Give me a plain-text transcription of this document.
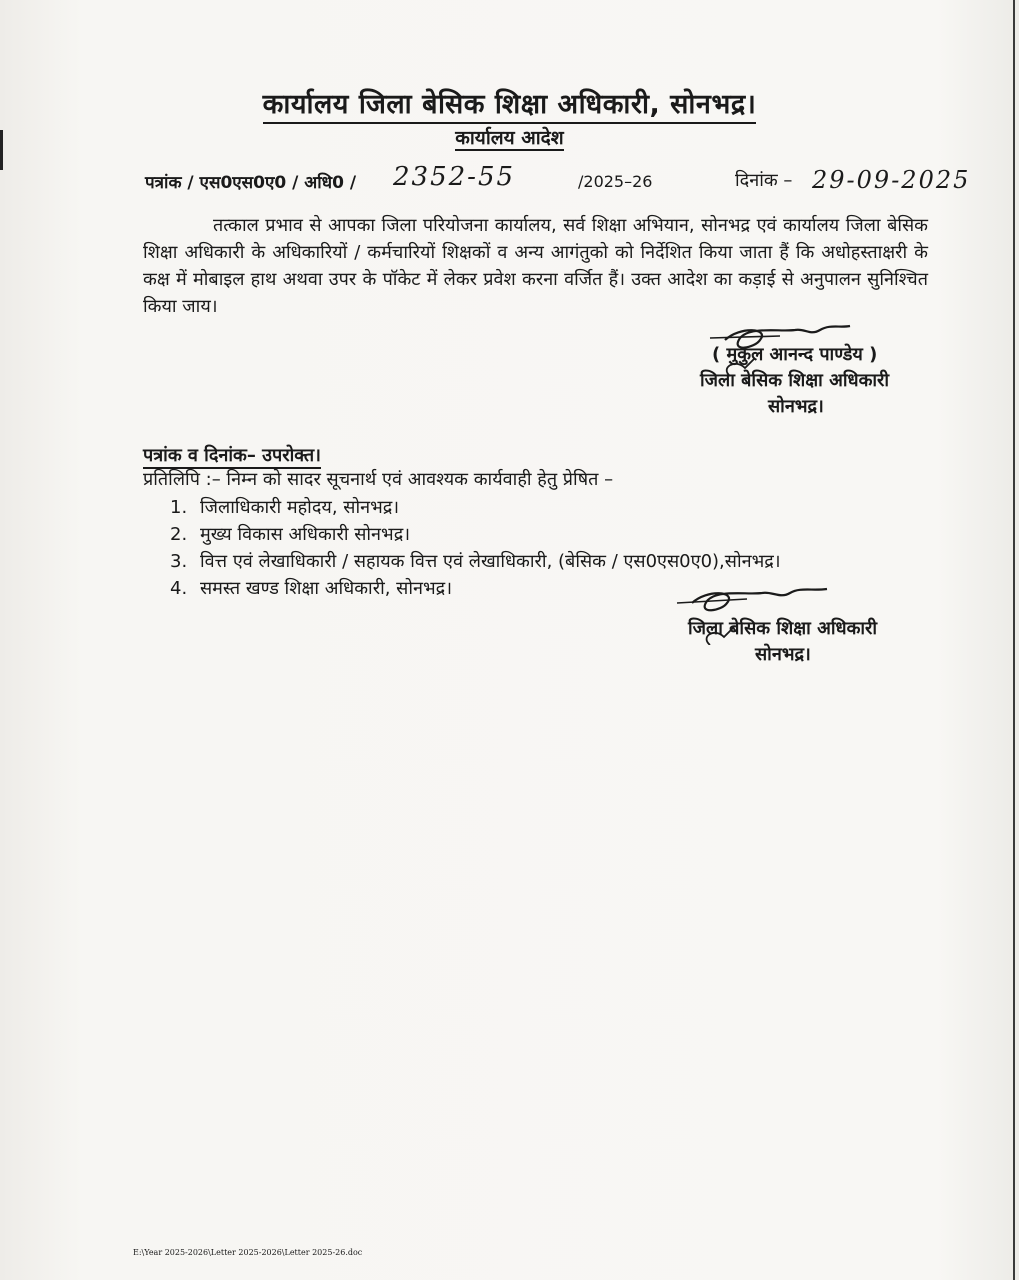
कार्यालय जिला बेसिक शिक्षा अधिकारी, सोनभद्र।
कार्यालय आदेश
पत्रांक / एस0एस0ए0 / अधि0 / 2352-55	/2025–26	दिनांक – 29-09-2025
तत्काल प्रभाव से आपका जिला परियोजना कार्यालय, सर्व शिक्षा अभियान, सोनभद्र एवं कार्यालय जिला बेसिक शिक्षा अधिकारी के अधिकारियों / कर्मचारियों शिक्षकों व अन्य आगंतुको को निर्देशित किया जाता हैं कि अधोहस्ताक्षरी के कक्ष में मोबाइल हाथ अथवा उपर के पॉकेट में लेकर प्रवेश करना वर्जित हैं। उक्त आदेश का कड़ाई से अनुपालन सुनिश्चित किया जाय।
( मुकुल आनन्द पाण्डेय )
जिला बेसिक शिक्षा अधिकारी
सोनभद्र।
पत्रांक व दिनांक– उपरोक्त।
प्रतिलिपि :– निम्न को सादर सूचनार्थ एवं आवश्यक कार्यवाही हेतु प्रेषित –
1. जिलाधिकारी महोदय, सोनभद्र।
2. मुख्य विकास अधिकारी सोनभद्र।
3. वित्त एवं लेखाधिकारी / सहायक वित्त एवं लेखाधिकारी, (बेसिक / एस0एस0ए0),सोनभद्र।
4. समस्त खण्ड शिक्षा अधिकारी, सोनभद्र।
जिला बेसिक शिक्षा अधिकारी
सोनभद्र।
E:\Year 2025-2026\Letter 2025-2026\Letter 2025-26.doc
